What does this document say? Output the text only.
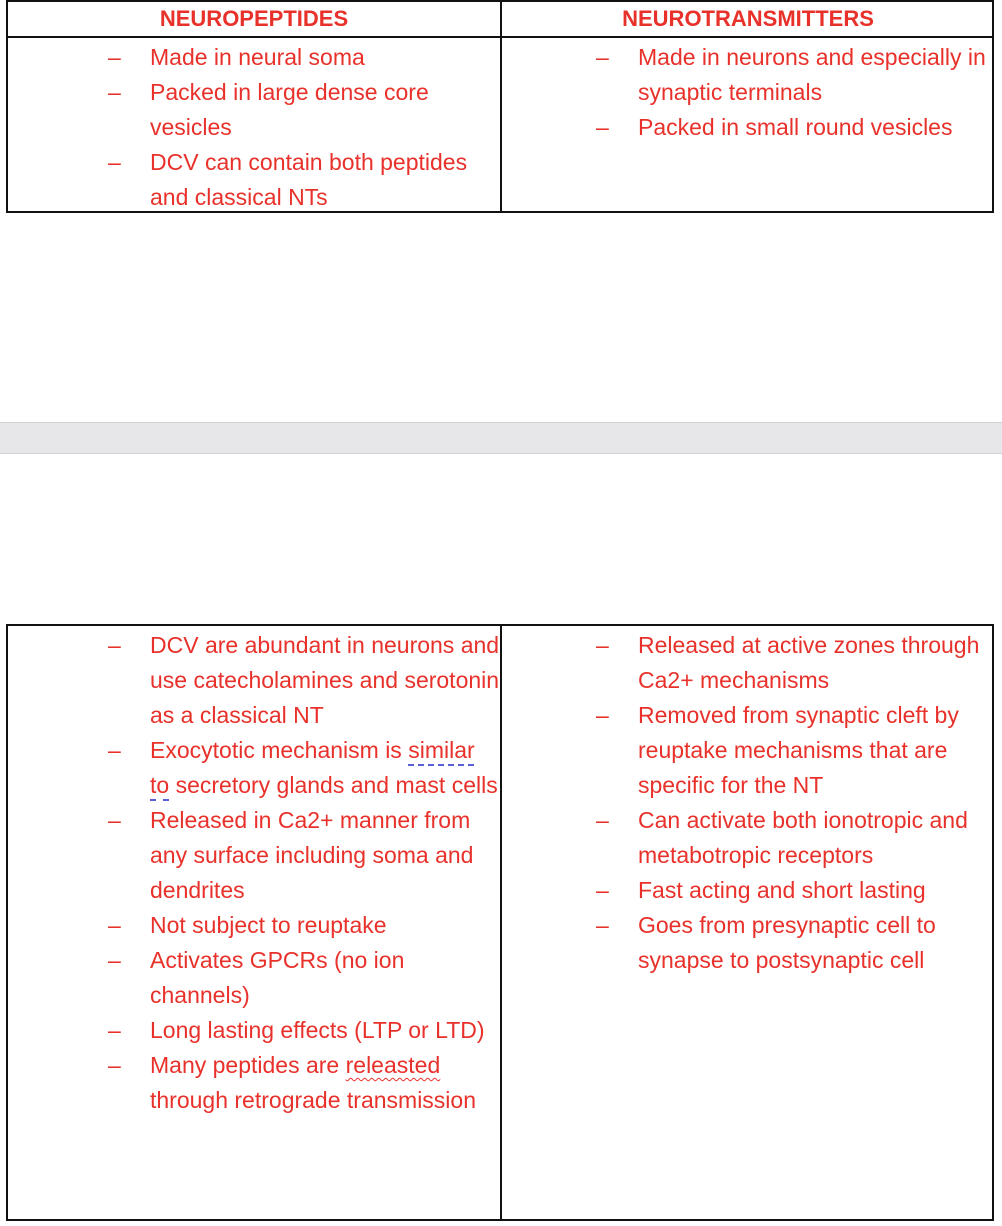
NEUROPEPTIDES	NEUROTRANSMITTERS
– Made in neural soma
– Packed in large dense core vesicles
– DCV can contain both peptides and classical NTs
– Made in neurons and especially in synaptic terminals
– Packed in small round vesicles
– DCV are abundant in neurons and use catecholamines and serotonin as a classical NT
– Exocytotic mechanism is similar to secretory glands and mast cells
– Released in Ca2+ manner from any surface including soma and dendrites
– Not subject to reuptake
– Activates GPCRs (no ion channels)
– Long lasting effects (LTP or LTD)
– Many peptides are releasted through retrograde transmission
– Released at active zones through Ca2+ mechanisms
– Removed from synaptic cleft by reuptake mechanisms that are specific for the NT
– Can activate both ionotropic and metabotropic receptors
– Fast acting and short lasting
– Goes from presynaptic cell to synapse to postsynaptic cell
